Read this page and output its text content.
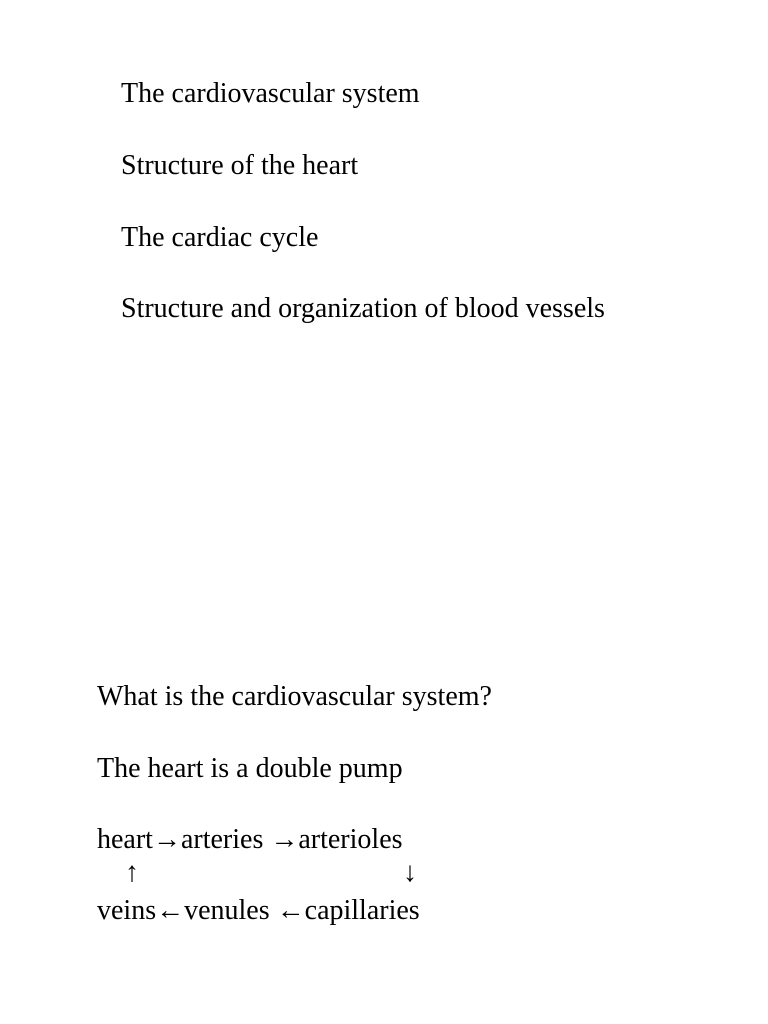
The cardiovascular system

Structure of the heart

The cardiac cycle

Structure and organization of blood vessels

What is the cardiovascular system?

The heart is a double pump

heart→arteries →arterioles

↑

	↓

veins←venules ←capillaries
